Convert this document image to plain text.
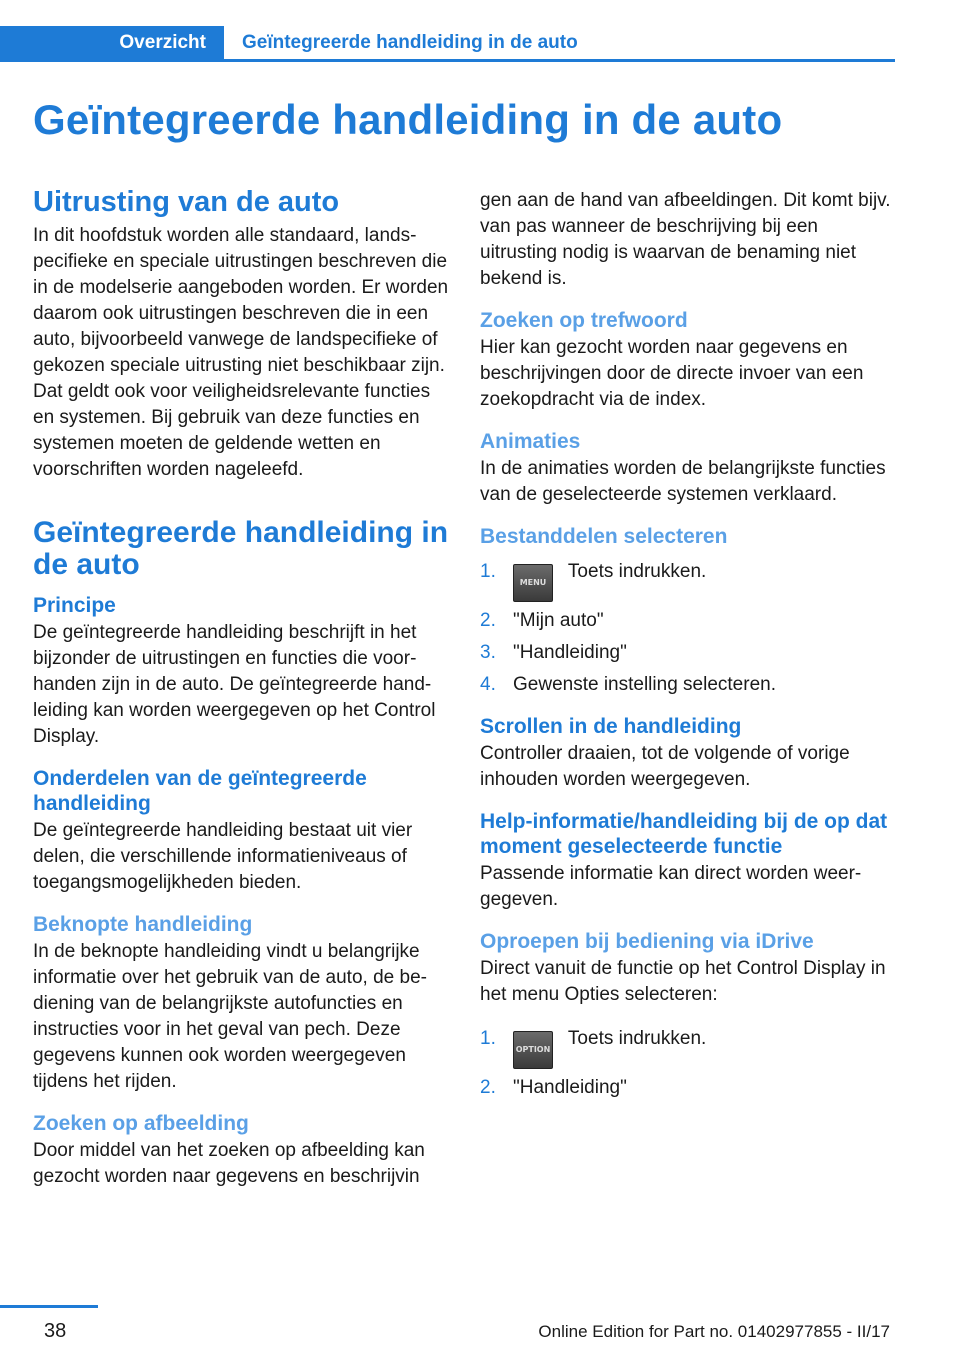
Overzicht Geïntegreerde handleiding in de auto
Geïntegreerde handleiding in de auto
Uitrusting van de auto

In dit hoofdstuk worden alle standaard, landspecifieke en speciale uitrustingen beschreven die in de modelserie aangeboden worden. Er worden daarom ook uitrustingen beschreven die in een auto, bijvoorbeeld vanwege de landspecifieke of gekozen speciale uitrusting niet beschikbaar zijn. Dat geldt ook voor veiligheidsrelevante functies en systemen. Bij gebruik van deze functies en systemen moeten de geldende wetten en voorschriften worden nageleefd.

Geïntegreerde handleiding in de auto
Principe

De geïntegreerde handleiding beschrijft in het bijzonder de uitrustingen en functies die voorhanden zijn in de auto. De geïntegreerde handleiding kan worden weergegeven op het Control Display.

Onderdelen van de geïntegreerde handleiding

De geïntegreerde handleiding bestaat uit vier delen, die verschillende informatieniveaus of toegangsmogelijkheden bieden.

Beknopte handleiding

In de beknopte handleiding vindt u belangrijke informatie over het gebruik van de auto, de bediening van de belangrijkste autofuncties en instructies voor in het geval van pech. Deze gegevens kunnen ook worden weergegeven tijdens het rijden.

Zoeken op afbeelding

Door middel van het zoeken op afbeelding kan gezocht worden naar gegevens en beschrijvin

gen aan de hand van afbeeldingen. Dit komt bijv. van pas wanneer de beschrijving bij een uitrusting nodig is waarvan de benaming niet bekend is.

Zoeken op trefwoord

Hier kan gezocht worden naar gegevens en beschrijvingen door de directe invoer van een zoekopdracht via de index.

Animaties

In de animaties worden de belangrijkste functies van de geselecteerde systemen verklaard.

Bestanddelen selecteren
1.
MENU Toets indrukken.
2. "Mijn auto"
3. "Handleiding"
4. Gewenste instelling selecteren.
Scrollen in de handleiding

Controller draaien, tot de volgende of vorige inhouden worden weergegeven.

Help-informatie/handleiding bij de op dat moment geselecteerde functie

Passende informatie kan direct worden weergegeven.

Oproepen bij bediening via iDrive

Direct vanuit de functie op het Control Display in het menu Opties selecteren:

1.
OPTION Toets indrukken.
2. "Handleiding"
38	Online Edition for Part no. 01402977855 - II/17
